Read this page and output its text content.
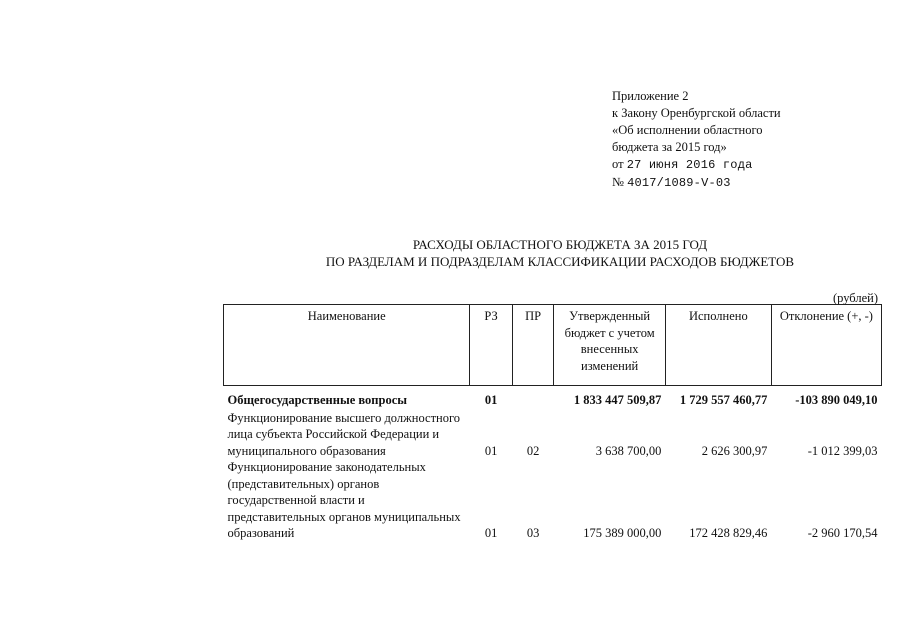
Приложение 2
к Закону Оренбургской области
«Об исполнении областного
бюджета за 2015 год»
от 27 июня 2016 года
№ 4017/1089-V-03
РАСХОДЫ ОБЛАСТНОГО БЮДЖЕТА ЗА 2015 ГОД
ПО РАЗДЕЛАМ И ПОДРАЗДЕЛАМ КЛАССИФИКАЦИИ РАСХОДОВ БЮДЖЕТОВ
(рублей)
Наименование	РЗ	ПР	Утвержденный бюджет с учетом внесенных изменений	Исполнено	Отклонение (+, -)
Общегосударственные вопросы	01		1 833 447 509,87	1 729 557 460,77	-103 890 049,10
Функционирование высшего должностного лица субъекта Российской Федерации и муниципального образования	01	02	3 638 700,00	2 626 300,97	-1 012 399,03
Функционирование законодательных (представительных) органов государственной власти и представительных органов муниципальных образований	01	03	175 389 000,00	172 428 829,46	-2 960 170,54
